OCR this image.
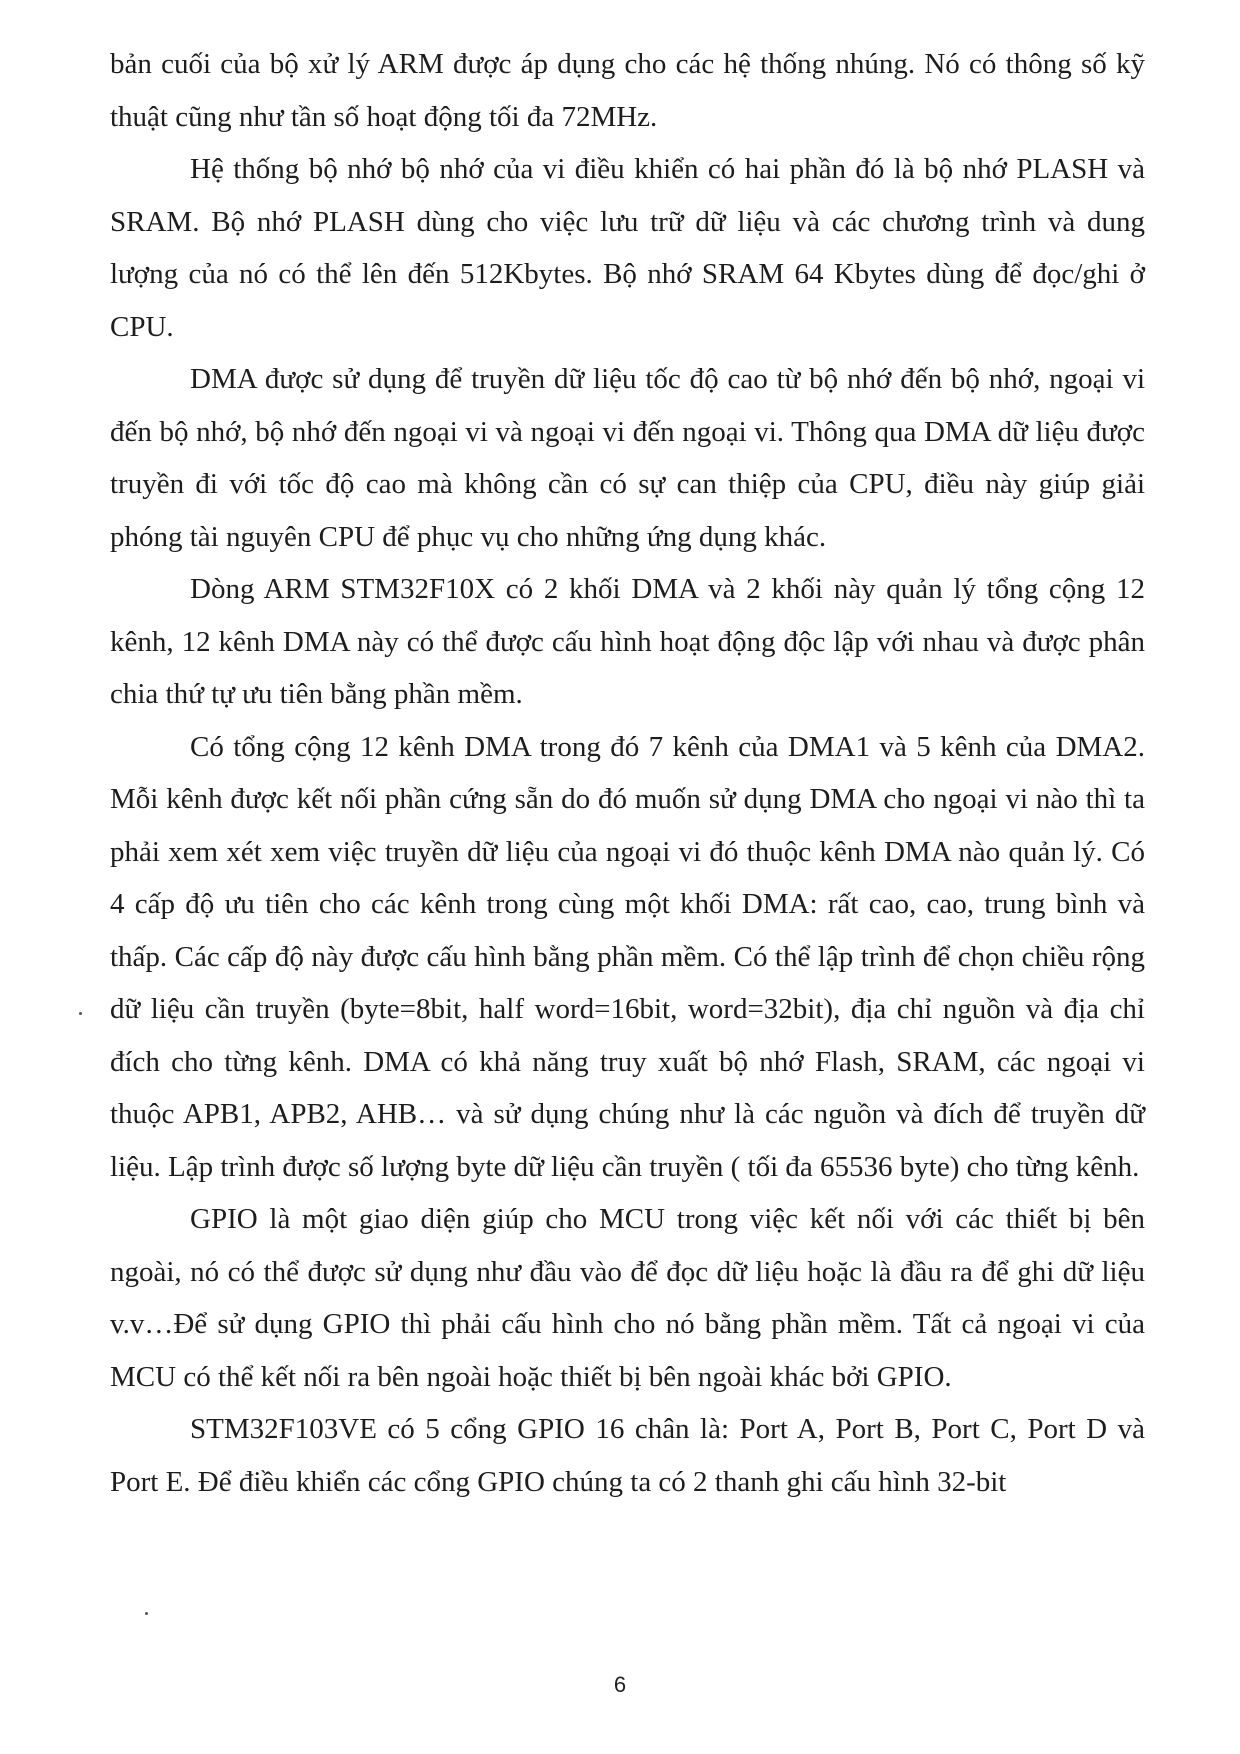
bản cuối của bộ xử lý ARM được áp dụng cho các hệ thống nhúng. Nó có thông số kỹ thuật cũng như tần số hoạt động tối đa 72MHz.

Hệ thống bộ nhớ bộ nhớ của vi điều khiển có hai phần đó là bộ nhớ PLASH và SRAM. Bộ nhớ PLASH dùng cho việc lưu trữ dữ liệu và các chương trình và dung lượng của nó có thể lên đến 512Kbytes. Bộ nhớ SRAM 64 Kbytes dùng để đọc/ghi ở CPU.

DMA được sử dụng để truyền dữ liệu tốc độ cao từ bộ nhớ đến bộ nhớ, ngoại vi đến bộ nhớ, bộ nhớ đến ngoại vi và ngoại vi đến ngoại vi. Thông qua DMA dữ liệu được truyền đi với tốc độ cao mà không cần có sự can thiệp của CPU, điều này giúp giải phóng tài nguyên CPU để phục vụ cho những ứng dụng khác.

Dòng ARM STM32F10X có 2 khối DMA và 2 khối này quản lý tổng cộng 12 kênh, 12 kênh DMA này có thể được cấu hình hoạt động độc lập với nhau và được phân chia thứ tự ưu tiên bằng phần mềm.

Có tổng cộng 12 kênh DMA trong đó 7 kênh của DMA1 và 5 kênh của DMA2. Mỗi kênh được kết nối phần cứng sẵn do đó muốn sử dụng DMA cho ngoại vi nào thì ta phải xem xét xem việc truyền dữ liệu của ngoại vi đó thuộc kênh DMA nào quản lý. Có 4 cấp độ ưu tiên cho các kênh trong cùng một khối DMA: rất cao, cao, trung bình và thấp. Các cấp độ này được cấu hình bằng phần mềm. Có thể lập trình để chọn chiều rộng dữ liệu cần truyền (byte=8bit, half word=16bit, word=32bit), địa chỉ nguồn và địa chỉ đích cho từng kênh. DMA có khả năng truy xuất bộ nhớ Flash, SRAM, các ngoại vi thuộc APB1, APB2, AHB… và sử dụng chúng như là các nguồn và đích để truyền dữ liệu. Lập trình được số lượng byte dữ liệu cần truyền ( tối đa 65536 byte) cho từng kênh.

GPIO là một giao diện giúp cho MCU trong việc kết nối với các thiết bị bên ngoài, nó có thể được sử dụng như đầu vào để đọc dữ liệu hoặc là đầu ra để ghi dữ liệu v.v…Để sử dụng GPIO thì phải cấu hình cho nó bằng phần mềm. Tất cả ngoại vi của MCU có thể kết nối ra bên ngoài hoặc thiết bị bên ngoài khác bởi GPIO.

STM32F103VE có 5 cổng GPIO 16 chân là: Port A, Port B, Port C, Port D và Port E. Để điều khiển các cổng GPIO chúng ta có 2 thanh ghi cấu hình 32-bit

6
